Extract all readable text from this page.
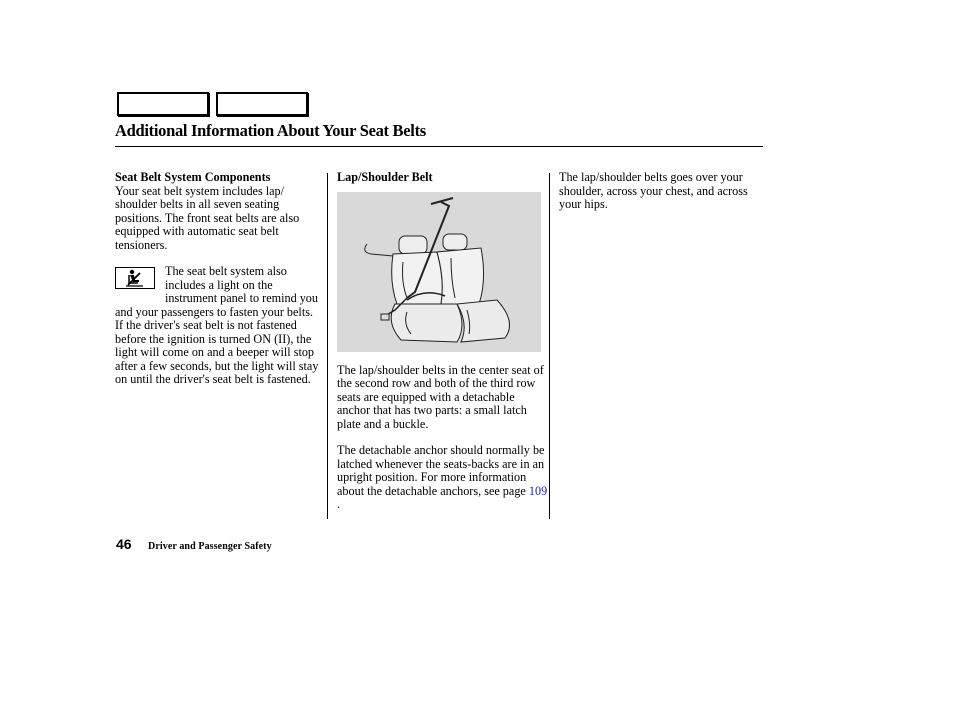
Additional Information About Your Seat Belts
Seat Belt System Components

Your seat belt system includes lap/ shoulder belts in all seven seating positions. The front seat belts are also equipped with automatic seat belt tensioners.

The seat belt system also includes a light on the instrument panel to remind you and your passengers to fasten your belts. If the driver's seat belt is not fastened before the ignition is turned ON (II), the light will come on and a beeper will stop after a few seconds, but the light will stay on until the driver's seat belt is fastened.
Lap/Shoulder Belt

The lap/shoulder belts in the center seat of the second row and both of the third row seats are equipped with a detachable anchor that has two parts: a small latch plate and a buckle.

The detachable anchor should normally be latched whenever the seats-backs are in an upright position. For more information about the detachable anchors, see page 109 .

The lap/shoulder belts goes over your shoulder, across your chest, and across your hips.

46 Driver and Passenger Safety
